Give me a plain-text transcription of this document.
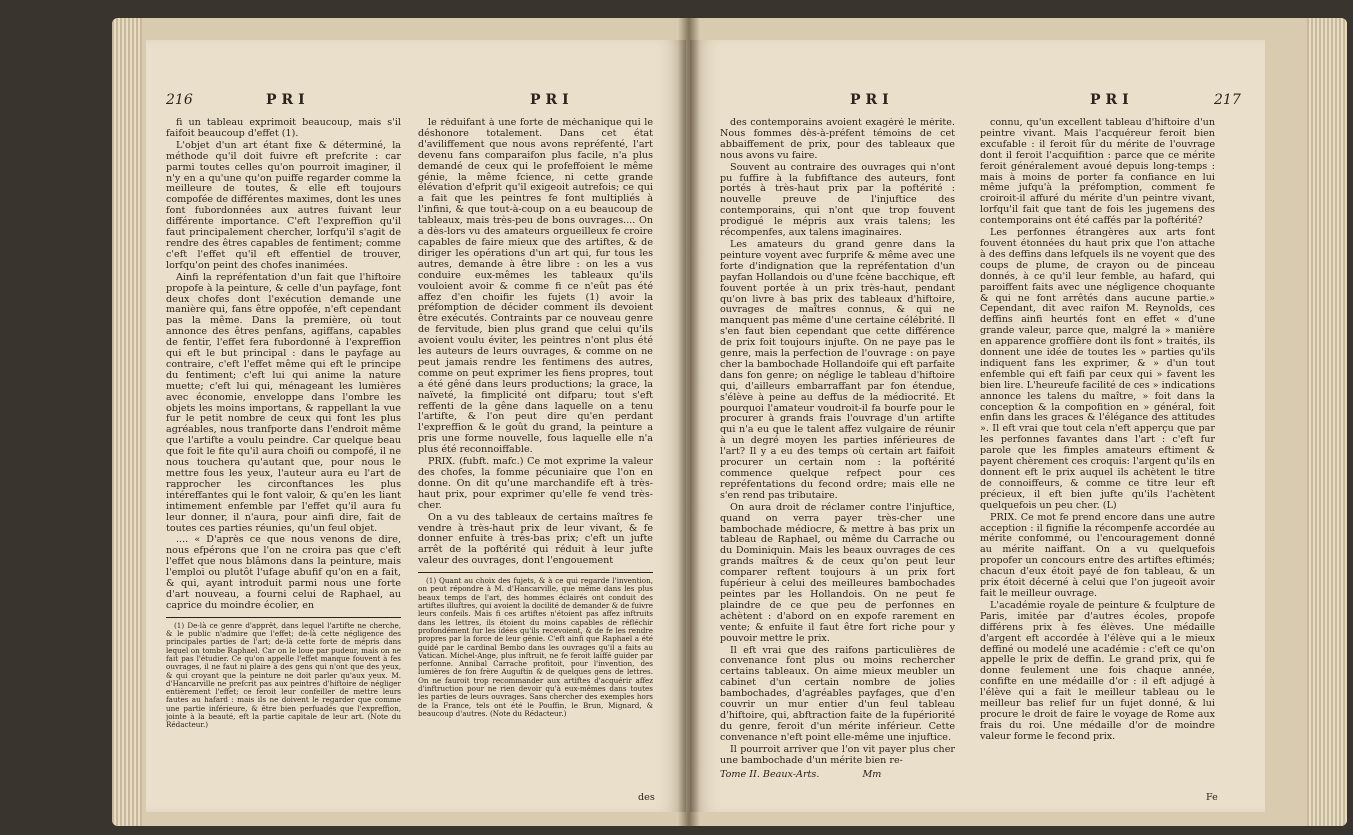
216	PRI	PRI

fi un tableau exprimoit beaucoup, mais s'il faifoit beaucoup d'effet (1).

L'objet d'un art étant fixe & déterminé, la méthode qu'il doit fuivre eft prefcrite : car parmi toutes celles qu'on pourroit imaginer, il n'y en a qu'une qu'on puiffe regarder comme la meilleure de toutes, & elle eft toujours compofée de différentes maximes, dont les unes font fubordonnées aux autres fuivant leur différente importance. C'eft l'expreffion qu'il faut principalement chercher, lorfqu'il s'agit de rendre des êtres capables de fentiment; comme c'eft l'effet qu'il eft effentiel de trouver, lorfqu'on peint des chofes inanimées.

Ainfi la repréfentation d'un fait que l'hiftoire propofe à la peinture, & celle d'un payfage, font deux chofes dont l'exécution demande une manière qui, fans être oppofée, n'eft cependant pas la même. Dans la première, où tout annonce des êtres penfans, agiffans, capables de fentir, l'effet fera fubordonné à l'expreffion qui eft le but principal : dans le payfage au contraire, c'eft l'effet même qui eft le principe du fentiment; c'eft lui qui anime la nature muette; c'eft lui qui, ménageant les lumières avec économie, enveloppe dans l'ombre les objets les moins importans, & rappellant la vue fur le petit nombre de ceux qui font les plus agréables, nous tranfporte dans l'endroit même que l'artifte a voulu peindre. Car quelque beau que foit le fite qu'il aura choifi ou compofé, il ne nous touchera qu'autant que, pour nous le mettre fous les yeux, l'auteur aura eu l'art de rapprocher les circonftances les plus intéreffantes qui le font valoir, & qu'en les liant intimement enfemble par l'effet qu'il aura fu leur donner, il n'aura, pour ainfi dire, fait de toutes ces parties réunies, qu'un feul objet.

.... « D'après ce que nous venons de dire, nous efpérons que l'on ne croira pas que c'eft l'effet que nous blâmons dans la peinture, mais l'emploi ou plutôt l'ufage abufif qu'on en a fait, & qui, ayant introduit parmi nous une forte d'art nouveau, a fourni celui de Raphael, au caprice du moindre écolier, en

(1) De-là ce genre d'apprêt, dans lequel l'artifte ne cherche, & le public n'admire que l'effet; de-là cette négligence des principales parties de l'art; de-là cette forte de mépris dans lequel on tombe Raphael. Car on le loue par pudeur, mais on ne fait pas l'étudier. Ce qu'on appelle l'effet manque fouvent à fes ouvrages, il ne faut ni plaire à des gens qui n'ont que des yeux, & qui croyant que la peinture ne doit parler qu'aux yeux. M. d'Hancarville ne prefcrit pas aux peintres d'hiftoire de négliger entièrement l'effet; ce feroit leur confeiller de mettre leurs fautes au hafard : mais ils ne doivent le regarder que comme une partie inférieure, & être bien perfuadés que l'expreffion, jointe à la beauté, eft la partie capitale de leur art. (Note du Rédacteur.)

le réduifant à une forte de méchanique qui le déshonore totalement. Dans cet état d'aviliffement que nous avons repréfenté, l'art devenu fans comparaifon plus facile, n'a plus demandé de ceux qui le profeffoient le même génie, la même fcience, ni cette grande élévation d'efprit qu'il exigeoit autrefois; ce qui a fait que les peintres fe font multipliés à l'infini, & que tout-à-coup on a eu beaucoup de tableaux, mais très-peu de bons ouvrages.... On a dès-lors vu des amateurs orgueilleux fe croire capables de faire mieux que des artiftes, & de diriger les opérations d'un art qui, fur tous les autres, demande à être libre : on les a vus conduire eux-mêmes les tableaux qu'ils vouloient avoir & comme fi ce n'eût pas été affez d'en choifir les fujets (1) avoir la préfomption de décider comment ils devoient être exécutés. Contraints par ce nouveau genre de fervitude, bien plus grand que celui qu'ils avoient voulu éviter, les peintres n'ont plus été les auteurs de leurs ouvrages, & comme on ne peut jamais rendre les fentimens des autres, comme on peut exprimer les fiens propres, tout a été gêné dans leurs productions; la grace, la naïveté, la fimplicité ont difparu; tout s'eft reffenti de la gêne dans laquelle on a tenu l'artifte, & l'on peut dire qu'en perdant l'expreffion & le goût du grand, la peinture a pris une forme nouvelle, fous laquelle elle n'a plus été reconnoiffable.

PRIX. (fubft. mafc.) Ce mot exprime la valeur des chofes, la fomme pécuniaire que l'on en donne. On dit qu'une marchandife eft à très-haut prix, pour exprimer qu'elle fe vend très-cher.

On a vu des tableaux de certains maîtres fe vendre à très-haut prix de leur vivant, & fe donner enfuite à très-bas prix; c'eft un jufte arrêt de la poftérité qui réduit à leur jufte valeur des ouvrages, dont l'engouement

(1) Quant au choix des fujets, & à ce qui regarde l'invention, on peut répondre à M. d'Hancarville, que même dans les plus beaux temps de l'art, des hommes éclairés ont conduit des artiftes illuftres, qui avoient la docilité de demander & de fuivre leurs confeils. Mais fi ces artiftes n'étoient pas affez inftruits dans les lettres, ils étoient du moins capables de réfléchir profondément fur les idées qu'ils recevoient, & de fe les rendre propres par la force de leur génie. C'eft ainfi que Raphael a été guidé par le cardinal Bembo dans les ouvrages qu'il a faits au Vatican. Michel-Ange, plus inftruit, ne fe feroit laiffé guider par perfonne. Annibal Carrache profitoit, pour l'invention, des lumières de fon frère Auguftin & de quelques gens de lettres. On ne fauroit trop recommander aux artiftes d'acquérir affez d'inftruction pour ne rien devoir qu'à eux-mêmes dans toutes les parties de leurs ouvrages. Sans chercher des exemples hors de la France, tels ont été le Pouffin, le Brun, Mignard, & beaucoup d'autres. (Note du Rédacteur.)

des
PRI	PRI	217

des contemporains avoient exagéré le mérite. Nous fommes dès-à-préfent témoins de cet abbaiffement de prix, pour des tableaux que nous avons vu faire.

Souvent au contraire des ouvrages qui n'ont pu fuffire à la fubfiftance des auteurs, font portés à très-haut prix par la poftérité : nouvelle preuve de l'injuftice des contemporains, qui n'ont que trop fouvent prodigué le mépris aux vrais talens; les récompenfes, aux talens imaginaires.

Les amateurs du grand genre dans la peinture voyent avec furprife & même avec une forte d'indignation que la repréfentation d'un payfan Hollandois ou d'une fcène bacchique, eft fouvent portée à un prix très-haut, pendant qu'on livre à bas prix des tableaux d'hiftoire, ouvrages de maîtres connus, & qui ne manquent pas même d'une certaine célébrité. Il s'en faut bien cependant que cette différence de prix foit toujours injufte. On ne paye pas le genre, mais la perfection de l'ouvrage : on paye cher la bambochade Hollandoife qui eft parfaite dans fon genre; on néglige le tableau d'hiftoire qui, d'ailleurs embarraffant par fon étendue, s'élève à peine au deffus de la médiocrité. Et pourquoi l'amateur voudroit-il fa bourfe pour le procurer à grands frais l'ouvrage d'un artifte qui n'a eu que le talent affez vulgaire de réunir à un degré moyen les parties inférieures de l'art? Il y a eu des temps où certain art faifoit procurer un certain nom : la poftérité commence quelque refpect pour ces repréfentations du fecond ordre; mais elle ne s'en rend pas tributaire.

On aura droit de réclamer contre l'injuftice, quand on verra payer très-cher une bambochade médiocre, & mettre à bas prix un tableau de Raphael, ou même du Carrache ou du Dominiquin. Mais les beaux ouvrages de ces grands maîtres & de ceux qu'on peut leur comparer reftent toujours à un prix fort fupérieur à celui des meilleures bambochades peintes par les Hollandois. On ne peut fe plaindre de ce que peu de perfonnes en achètent : d'abord on en expofe rarement en vente; & enfuite il faut être fort riche pour y pouvoir mettre le prix.

Il eft vrai que des raifons particulières de convenance font plus ou moins rechercher certains tableaux. On aime mieux meubler un cabinet d'un certain nombre de jolies bambochades, d'agréables payfages, que d'en couvrir un mur entier d'un feul tableau d'hiftoire, qui, abftraction faite de la fupériorité du genre, feroit d'un mérite inférieur. Cette convenance n'eft point elle-même une injuftice.

Il pourroit arriver que l'on vit payer plus cher une bambochade d'un mérite bien re-

Tome II. Beaux-Arts.	Mm

connu, qu'un excellent tableau d'hiftoire d'un peintre vivant. Mais l'acquéreur feroit bien excufable : il feroit fûr du mérite de l'ouvrage dont il feroit l'acquifition : parce que ce mérite feroit généralement avoué depuis long-temps : mais à moins de porter fa confiance en lui même jufqu'à la préfomption, comment fe croiroit-il affuré du mérite d'un peintre vivant, lorfqu'il fait que tant de fois les jugemens des contemporains ont été caffés par la poftérité?

Les perfonnes étrangères aux arts font fouvent étonnées du haut prix que l'on attache à des deffins dans lefquels ils ne voyent que des coups de plume, de crayon ou de pinceau donnés, à ce qu'il leur femble, au hafard, qui paroiffent faits avec une négligence choquante & qui ne font arrêtés dans aucune partie.» Cependant, dit avec raifon M. Reynolds, ces deffins ainfi heurtés font en effet « d'une grande valeur, parce que, malgré la » manière en apparence groffière dont ils font » traités, ils donnent une idée de toutes les » parties qu'ils indiquent fans les exprimer, & » d'un tout enfemble qui eft faifi par ceux qui » favent les bien lire. L'heureufe facilité de ces » indications annonce les talens du maître, » foit dans la conception & la compofition en » général, foit enfin dans les graces & l'élégance des attitudes ». Il eft vrai que tout cela n'eft apperçu que par les perfonnes favantes dans l'art : c'eft fur parole que les fimples amateurs eftiment & payent chèrement ces croquis: l'argent qu'ils en donnent eft le prix auquel ils achètent le titre de connoiffeurs, & comme ce titre leur eft précieux, il eft bien jufte qu'ils l'achètent quelquefois un peu cher. (L)

PRIX. Ce mot fe prend encore dans une autre acception : il fignifie la récompenfe accordée au mérite confommé, ou l'encouragement donné au mérite naiffant. On a vu quelquefois propofer un concours entre des artiftes eftimés; chacun d'eux étoit payé de fon tableau, & un prix étoit décerné à celui que l'on jugeoit avoir fait le meilleur ouvrage.

L'académie royale de peinture & fculpture de Paris, imitée par d'autres écoles, propofe différens prix à fes élèves. Une médaille d'argent eft accordée à l'élève qui a le mieux deffiné ou modelé une académie : c'eft ce qu'on appelle le prix de deffin. Le grand prix, qui fe donne feulement une fois chaque année, confifte en une médaille d'or : il eft adjugé à l'élève qui a fait le meilleur tableau ou le meilleur bas relief fur un fujet donné, & lui procure le droit de faire le voyage de Rome aux frais du roi. Une médaille d'or de moindre valeur forme le fecond prix.

Fe
